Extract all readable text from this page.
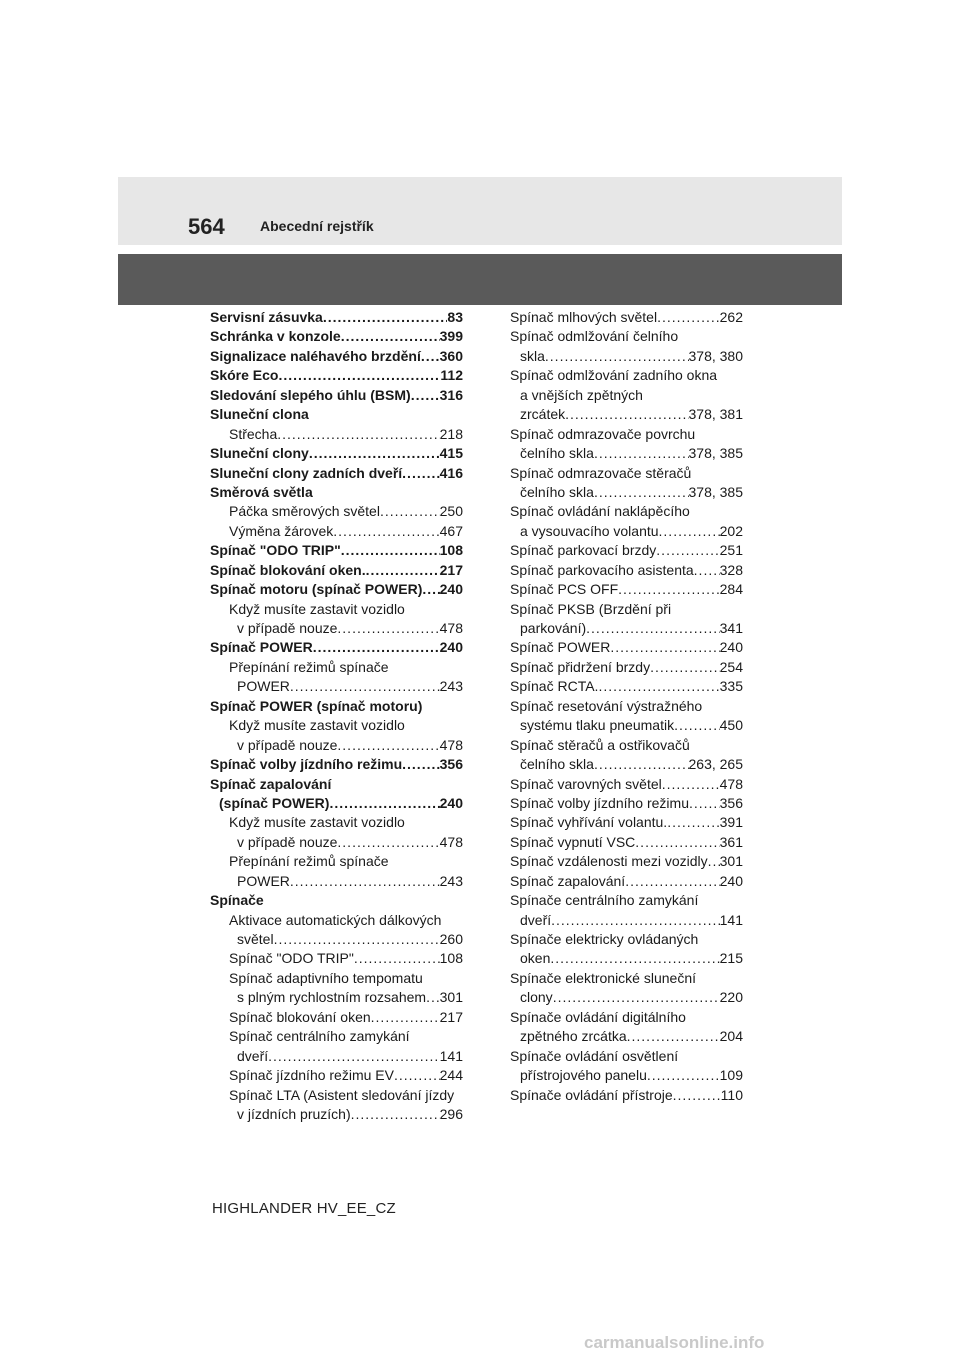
564	Abecední rejstřík
Servisní zásuvka .....	83
Schránka v konzole .....	399
Signalizace naléhavého brzdění ..... 360
Skóre Eco .....	112
Sledování slepého úhlu (BSM) ..... 316
Sluneční clona
Střecha .....	218
Sluneční clony .....	415
Sluneční clony zadních dveří .....	416
Směrová světla
Páčka směrových světel .....	250
Výměna žárovek .....	467
Spínač "ODO TRIP" .....	108
Spínač blokování oken. .....	217
Spínač motoru (spínač POWER) ..... 240
Když musíte zastavit vozidlo
v případě nouze .....	478
Spínač POWER .....	240
Přepínání režimů spínače
POWER .....	243
Spínač POWER (spínač motoru)
Když musíte zastavit vozidlo
v případě nouze .....	478
Spínač volby jízdního režimu .....	356
Spínač zapalování
(spínač POWER) .....	240
Když musíte zastavit vozidlo
v případě nouze .....	478
Přepínání režimů spínače
POWER .....	243
Spínače
Aktivace automatických dálkových
světel .....	260
Spínač "ODO TRIP" .....	108
Spínač adaptivního tempomatu
s plným rychlostním rozsahem ..... 301
Spínač blokování oken .....	217
Spínač centrálního zamykání
dveří .....	141
Spínač jízdního režimu EV .....	244
Spínač LTA (Asistent sledování jízdy
v jízdních pruzích) .....	296
Spínač mlhových světel .....	262
Spínač odmlžování čelního
skla .....	378, 380
Spínač odmlžování zadního okna
a vnějších zpětných
zrcátek .....	378, 381
Spínač odmrazovače povrchu
čelního skla .....	378, 385
Spínač odmrazovače stěračů
čelního skla .....	378, 385
Spínač ovládání naklápěcího
a vysouvacího volantu .....	202
Spínač parkovací brzdy .....	251
Spínač parkovacího asistenta ..... 328
Spínač PCS OFF .....	284
Spínač PKSB (Brzdění při
parkování) .....	341
Spínač POWER .....	240
Spínač přidržení brzdy .....	254
Spínač RCTA. .....	335
Spínač resetování výstražného
systému tlaku pneumatik .....	450
Spínač stěračů a ostřikovačů
čelního skla .....	263, 265
Spínač varovných světel .....	478
Spínač volby jízdního režimu ..... 356
Spínač vyhřívání volantu. .....	391
Spínač vypnutí VSC .....	361
Spínač vzdálenosti mezi vozidly ..... 301
Spínač zapalování .....	240
Spínače centrálního zamykání
dveří .....	141
Spínače elektricky ovládaných
oken .....	215
Spínače elektronické sluneční
clony .....	220
Spínače ovládání digitálního
zpětného zrcátka .....	204
Spínače ovládání osvětlení
přístrojového panelu .....	109
Spínače ovládání přístroje .....	110
HIGHLANDER HV_EE_CZ
carmanualsonline.info
